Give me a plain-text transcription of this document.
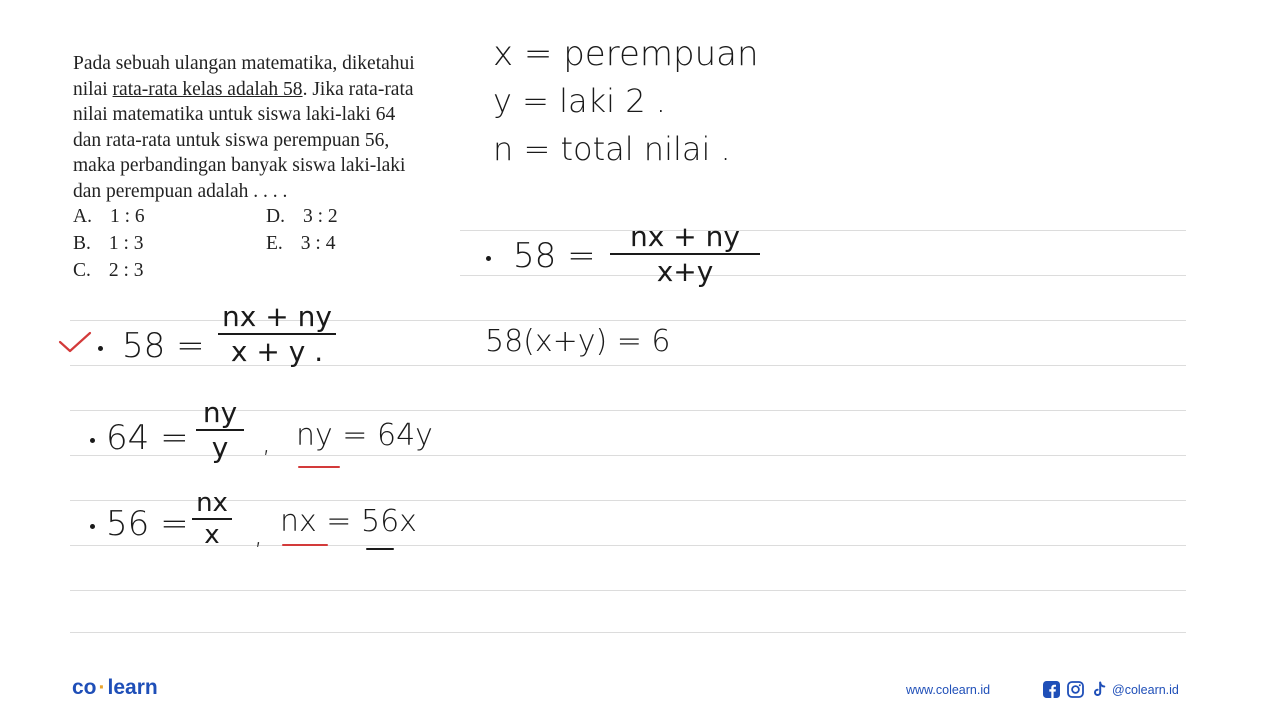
Pada sebuah ulangan matematika, diketahui
nilai rata-rata kelas adalah 58. Jika rata-rata
nilai matematika untuk siswa laki-laki 64
dan rata-rata untuk siswa perempuan 56,
maka perbandingan banyak siswa laki-laki
dan perempuan adalah . . . .
A. 1 : 6
B. 1 : 3
C. 2 : 3
D. 3 : 2
E. 3 : 4
x = perempuan
y = laki 2 .
n = total nilai .
58 = nx + ny
x+y
58(x+y) = 6
58 =
nx + ny
x + y .
64 =
ny
y , ny = 64y
56 =
nx
x , nx = 56x
co·learn	www.colearn.id	@colearn.id
